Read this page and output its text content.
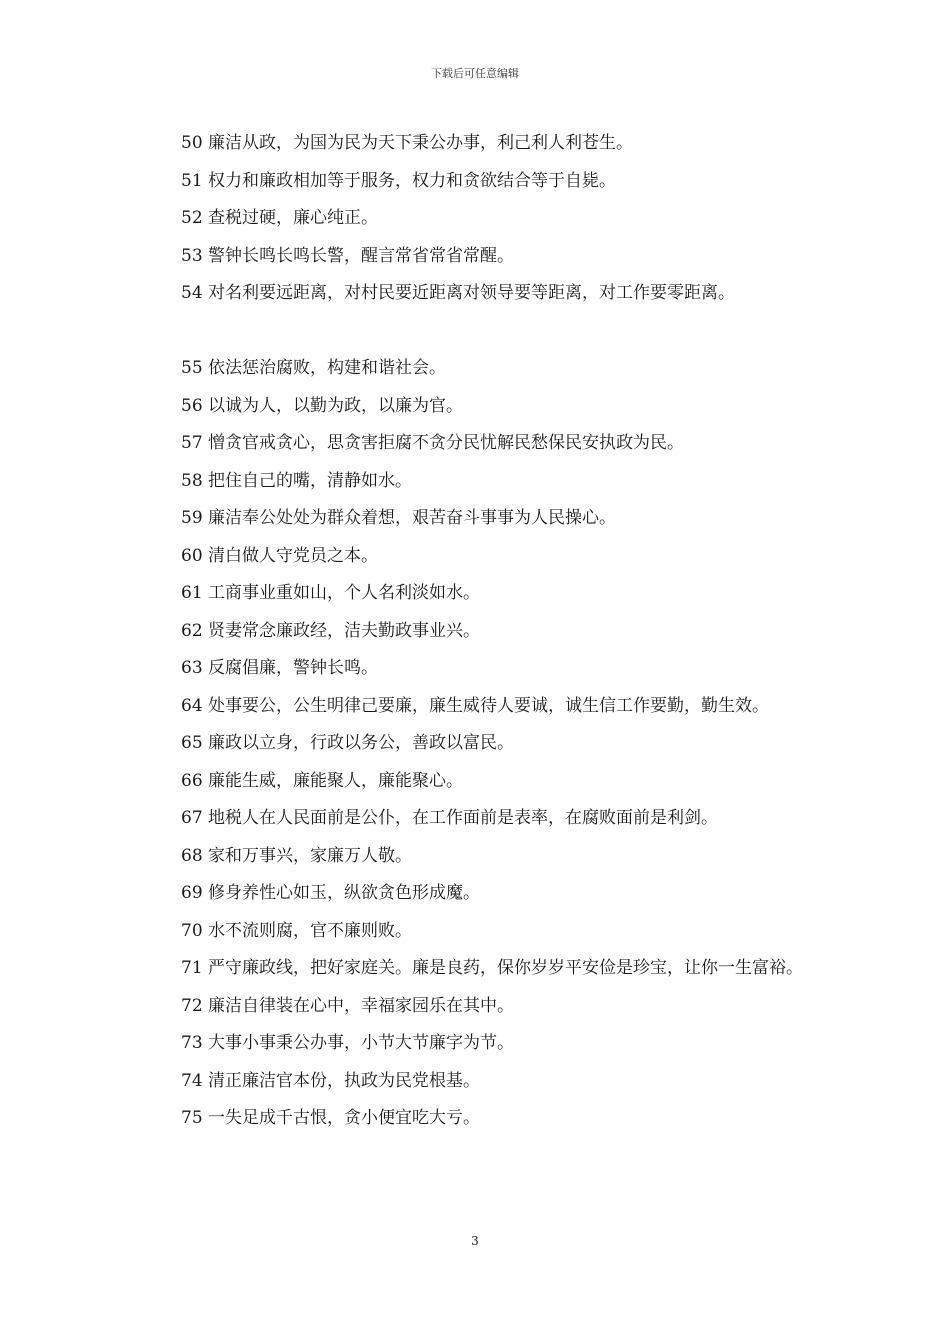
下载后可任意编辑

50 廉洁从政，为国为民为天下秉公办事，利己利人利苍生。

51 权力和廉政相加等于服务，权力和贪欲结合等于自毙。

52 查税过硬，廉心纯正。

53 警钟长鸣长鸣长警，醒言常省常省常醒。

54 对名利要远距离，对村民要近距离对领导要等距离，对工作要零距离。

55 依法惩治腐败，构建和谐社会。

56 以诚为人，以勤为政，以廉为官。

57 憎贪官戒贪心，思贪害拒腐不贪分民忧解民愁保民安执政为民。

58 把住自己的嘴，清静如水。

59 廉洁奉公处处为群众着想，艰苦奋斗事事为人民操心。

60 清白做人守党员之本。

61 工商事业重如山，个人名利淡如水。

62 贤妻常念廉政经，洁夫勤政事业兴。

63 反腐倡廉，警钟长鸣。

64 处事要公，公生明律己要廉，廉生威待人要诚，诚生信工作要勤，勤生效。

65 廉政以立身，行政以务公，善政以富民。

66 廉能生威，廉能聚人，廉能聚心。

67 地税人在人民面前是公仆，在工作面前是表率，在腐败面前是利剑。

68 家和万事兴，家廉万人敬。

69 修身养性心如玉，纵欲贪色形成魔。

70 水不流则腐，官不廉则败。

71 严守廉政线，把好家庭关。廉是良药，保你岁岁平安俭是珍宝，让你一生富裕。

72 廉洁自律装在心中，幸福家园乐在其中。

73 大事小事秉公办事，小节大节廉字为节。

74 清正廉洁官本份，执政为民党根基。

75 一失足成千古恨，贪小便宜吃大亏。

3
